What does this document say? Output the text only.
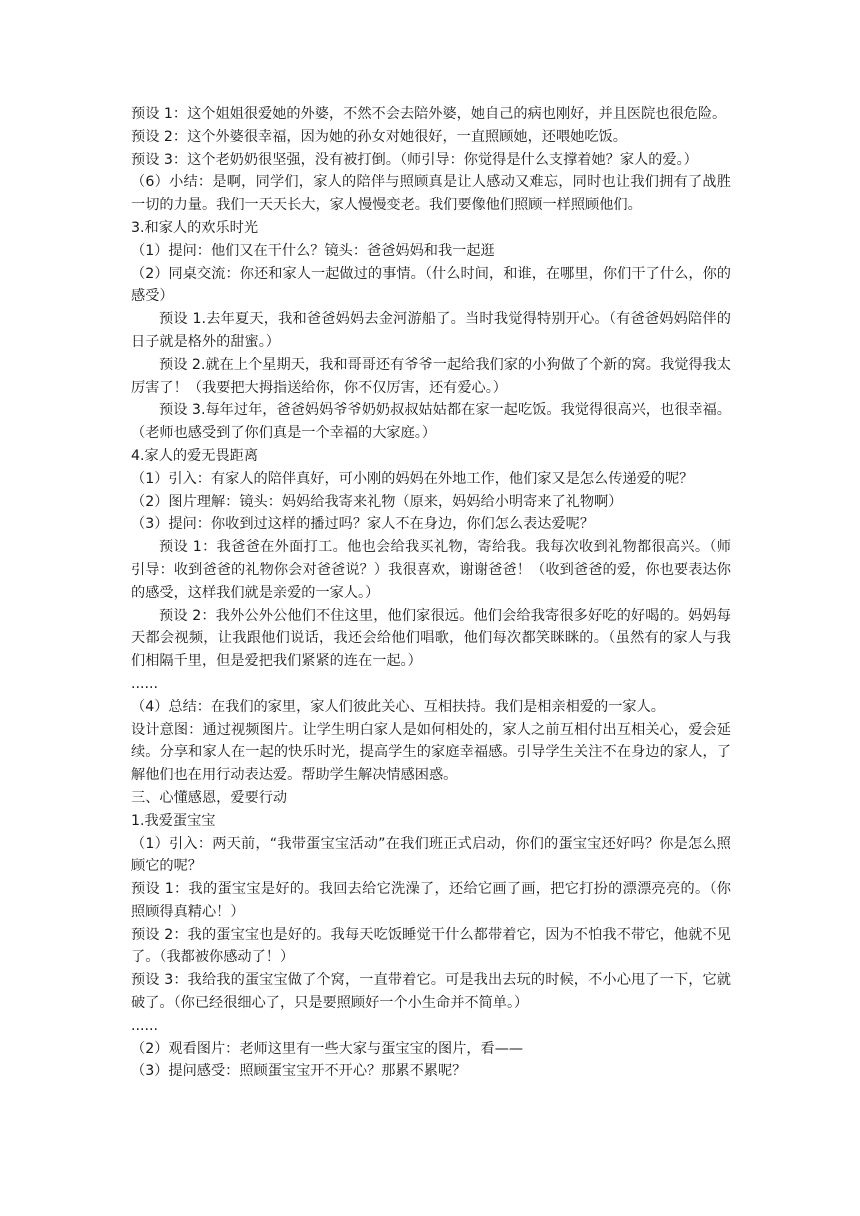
预设 1：这个姐姐很爱她的外婆，不然不会去陪外婆，她自己的病也刚好，并且医院也很危险。

预设 2：这个外婆很幸福，因为她的孙女对她很好，一直照顾她，还喂她吃饭。

预设 3：这个老奶奶很坚强，没有被打倒。（师引导：你觉得是什么支撑着她？家人的爱。）

（6）小结：是啊，同学们，家人的陪伴与照顾真是让人感动又难忘，同时也让我们拥有了战胜一切的力量。我们一天天长大，家人慢慢变老。我们要像他们照顾一样照顾他们。

3.和家人的欢乐时光

（1）提问：他们又在干什么？镜头：爸爸妈妈和我一起逛

（2）同桌交流：你还和家人一起做过的事情。（什么时间，和谁，在哪里，你们干了什么，你的感受）

预设 1.去年夏天，我和爸爸妈妈去金河游船了。当时我觉得特别开心。（有爸爸妈妈陪伴的日子就是格外的甜蜜。）

预设 2.就在上个星期天，我和哥哥还有爷爷一起给我们家的小狗做了个新的窝。我觉得我太厉害了！（我要把大拇指送给你，你不仅厉害，还有爱心。）

预设 3.每年过年，爸爸妈妈爷爷奶奶叔叔姑姑都在家一起吃饭。我觉得很高兴，也很幸福。（老师也感受到了你们真是一个幸福的大家庭。）

4.家人的爱无畏距离

（1）引入：有家人的陪伴真好，可小刚的妈妈在外地工作，他们家又是怎么传递爱的呢？

（2）图片理解：镜头：妈妈给我寄来礼物（原来，妈妈给小明寄来了礼物啊）

（3）提问：你收到过这样的播过吗？家人不在身边，你们怎么表达爱呢？

预设 1：我爸爸在外面打工。他也会给我买礼物，寄给我。我每次收到礼物都很高兴。（师引导：收到爸爸的礼物你会对爸爸说？）我很喜欢，谢谢爸爸！（收到爸爸的爱，你也要表达你的感受，这样我们就是亲爱的一家人。）

预设 2：我外公外公他们不住这里，他们家很远。他们会给我寄很多好吃的好喝的。妈妈每天都会视频，让我跟他们说话，我还会给他们唱歌，他们每次都笑眯眯的。（虽然有的家人与我们相隔千里，但是爱把我们紧紧的连在一起。）

......

（4）总结：在我们的家里，家人们彼此关心、互相扶持。我们是相亲相爱的一家人。

设计意图：通过视频图片。让学生明白家人是如何相处的，家人之前互相付出互相关心，爱会延续。分享和家人在一起的快乐时光，提高学生的家庭幸福感。引导学生关注不在身边的家人，了解他们也在用行动表达爱。帮助学生解决情感困惑。

三、心懂感恩，爱要行动

1.我爱蛋宝宝

（1）引入：两天前，“我带蛋宝宝活动”在我们班正式启动，你们的蛋宝宝还好吗？你是怎么照顾它的呢？

预设 1：我的蛋宝宝是好的。我回去给它洗澡了，还给它画了画，把它打扮的漂漂亮亮的。（你照顾得真精心！）

预设 2：我的蛋宝宝也是好的。我每天吃饭睡觉干什么都带着它，因为不怕我不带它，他就不见了。（我都被你感动了！）

预设 3：我给我的蛋宝宝做了个窝，一直带着它。可是我出去玩的时候，不小心甩了一下，它就破了。（你已经很细心了，只是要照顾好一个小生命并不简单。）

......

（2）观看图片：老师这里有一些大家与蛋宝宝的图片，看——

（3）提问感受：照顾蛋宝宝开不开心？那累不累呢？
